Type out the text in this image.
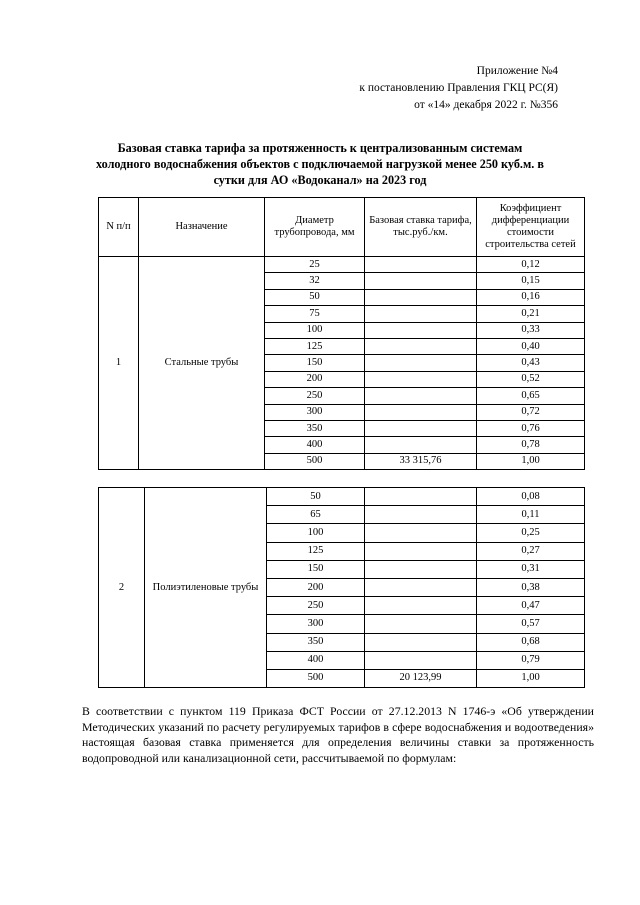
Приложение №4
к постановлению Правления ГКЦ РС(Я)
от «14» декабря 2022 г. №356
Базовая ставка тарифа за протяженность к централизованным системам холодного водоснабжения объектов с подключаемой нагрузкой менее 250 куб.м. в сутки для АО «Водоканал» на 2023 год
N п/п	Назначение	Диаметр трубопровода, мм	Базовая ставка тарифа, тыс.руб./км.	Коэффициент дифференциации стоимости строительства сетей
1	Стальные трубы	25		0,12
		32		0,15
		50		0,16
		75		0,21
		100		0,33
		125		0,40
		150		0,43
		200		0,52
		250		0,65
		300		0,72
		350		0,76
		400		0,78
		500	33 315,76	1,00
2	Полиэтиленовые трубы	50		0,08
		65		0,11
		100		0,25
		125		0,27
		150		0,31
		200		0,38
		250		0,47
		300		0,57
		350		0,68
		400		0,79
		500	20 123,99	1,00
В соответствии с пунктом 119 Приказа ФСТ России от 27.12.2013 N 1746-э «Об утверждении Методических указаний по расчету регулируемых тарифов в сфере водоснабжения и водоотведения» настоящая базовая ставка применяется для определения величины ставки за протяженность водопроводной или канализационной сети, рассчитываемой по формулам:
